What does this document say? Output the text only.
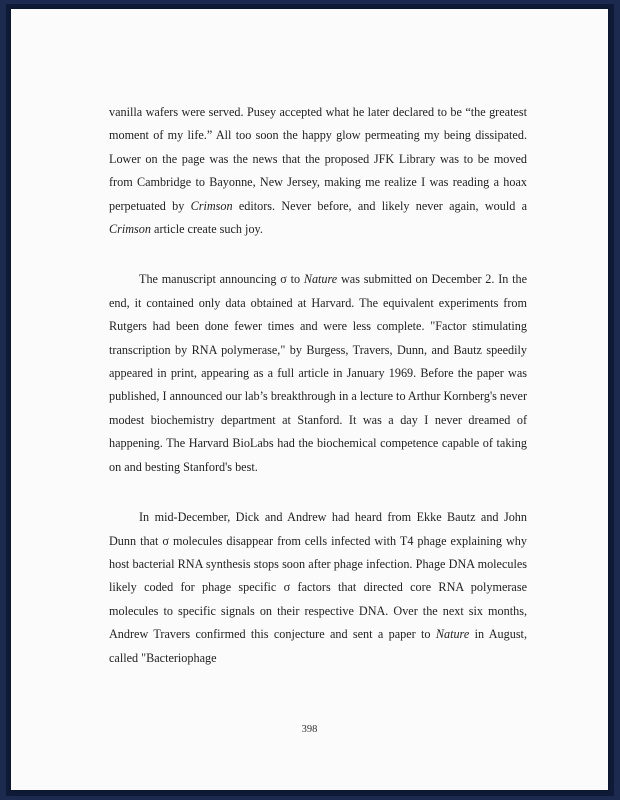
vanilla wafers were served. Pusey accepted what he later declared to be “the greatest moment of my life.” All too soon the happy glow permeating my being dissipated. Lower on the page was the news that the proposed JFK Library was to be moved from Cambridge to Bayonne, New Jersey, making me realize I was reading a hoax perpetuated by Crimson editors. Never before, and likely never again, would a Crimson article create such joy.

The manuscript announcing σ to Nature was submitted on December 2. In the end, it contained only data obtained at Harvard. The equivalent experiments from Rutgers had been done fewer times and were less complete. "Factor stimulating transcription by RNA polymerase," by Burgess, Travers, Dunn, and Bautz speedily appeared in print, appearing as a full article in January 1969. Before the paper was published, I announced our lab’s breakthrough in a lecture to Arthur Kornberg's never modest biochemistry department at Stanford. It was a day I never dreamed of happening. The Harvard BioLabs had the biochemical competence capable of taking on and besting Stanford's best.

In mid-December, Dick and Andrew had heard from Ekke Bautz and John Dunn that σ molecules disappear from cells infected with T4 phage explaining why host bacterial RNA synthesis stops soon after phage infection. Phage DNA molecules likely coded for phage specific σ factors that directed core RNA polymerase molecules to specific signals on their respective DNA. Over the next six months, Andrew Travers confirmed this conjecture and sent a paper to Nature in August, called "Bacteriophage

398
